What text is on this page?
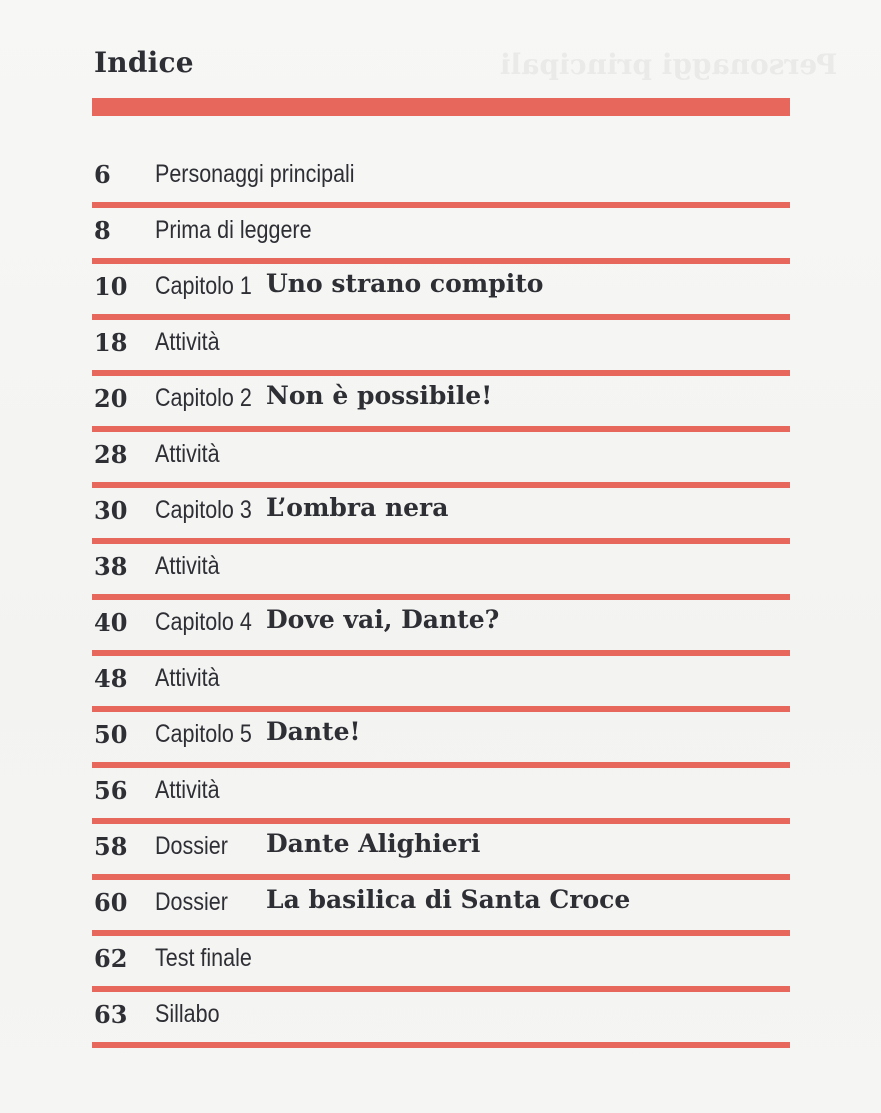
Personaggi principali
Indice
6 Personaggi principali
8 Prima di leggere
10 Capitolo 1 Uno strano compito
18 Attività
20 Capitolo 2 Non è possibile!
28 Attività
30 Capitolo 3 L’ombra nera
38 Attività
40 Capitolo 4 Dove vai, Dante?
48 Attività
50 Capitolo 5 Dante!
56 Attività
58 Dossier Dante Alighieri
60 Dossier La basilica di Santa Croce
62 Test finale
63 Sillabo
